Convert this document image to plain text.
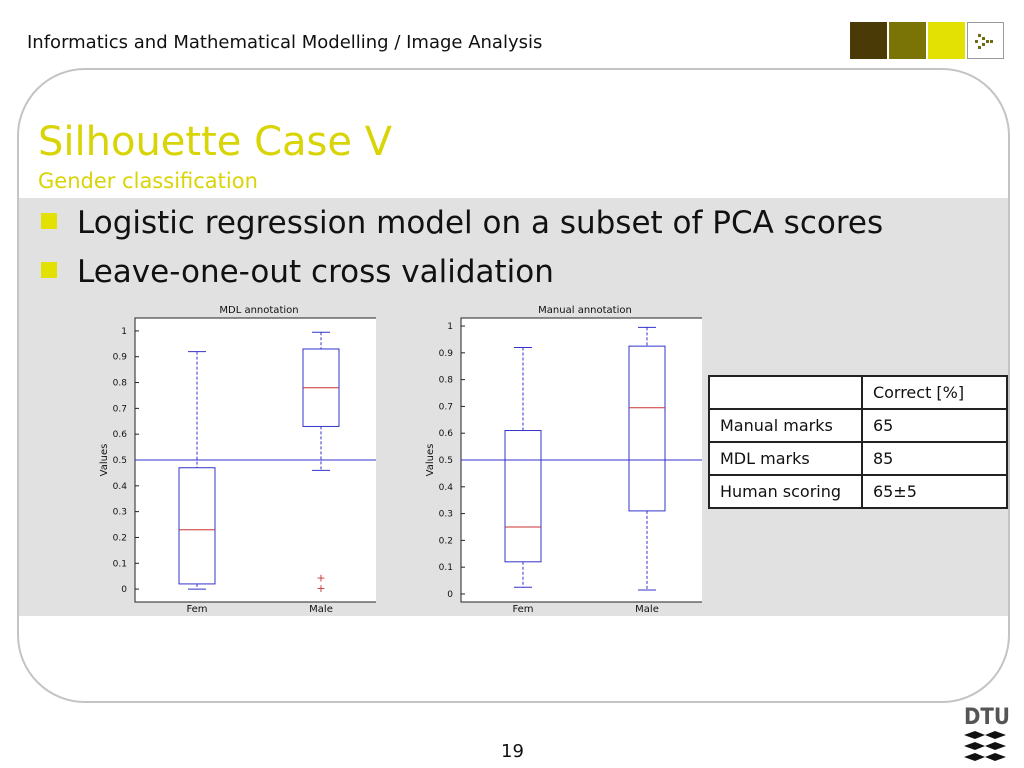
Informatics and Mathematical Modelling / Image Analysis
Silhouette Case V
Gender classification
Logistic regression model on a subset of PCA scores
Leave-one-out cross validation
MDL annotation
Values
0
0.1
0.2
0.3
0.4
0.5
0.6
0.7
0.8
0.9
1
Fem
+
+
Male
Manual annotation
Values
0
0.1
0.2
0.3
0.4
0.5
0.6
0.7
0.8
0.9
1
Fem	Male
	Correct [%]
Manual marks	65
MDL marks	85
Human scoring	65±5
19
DTU
